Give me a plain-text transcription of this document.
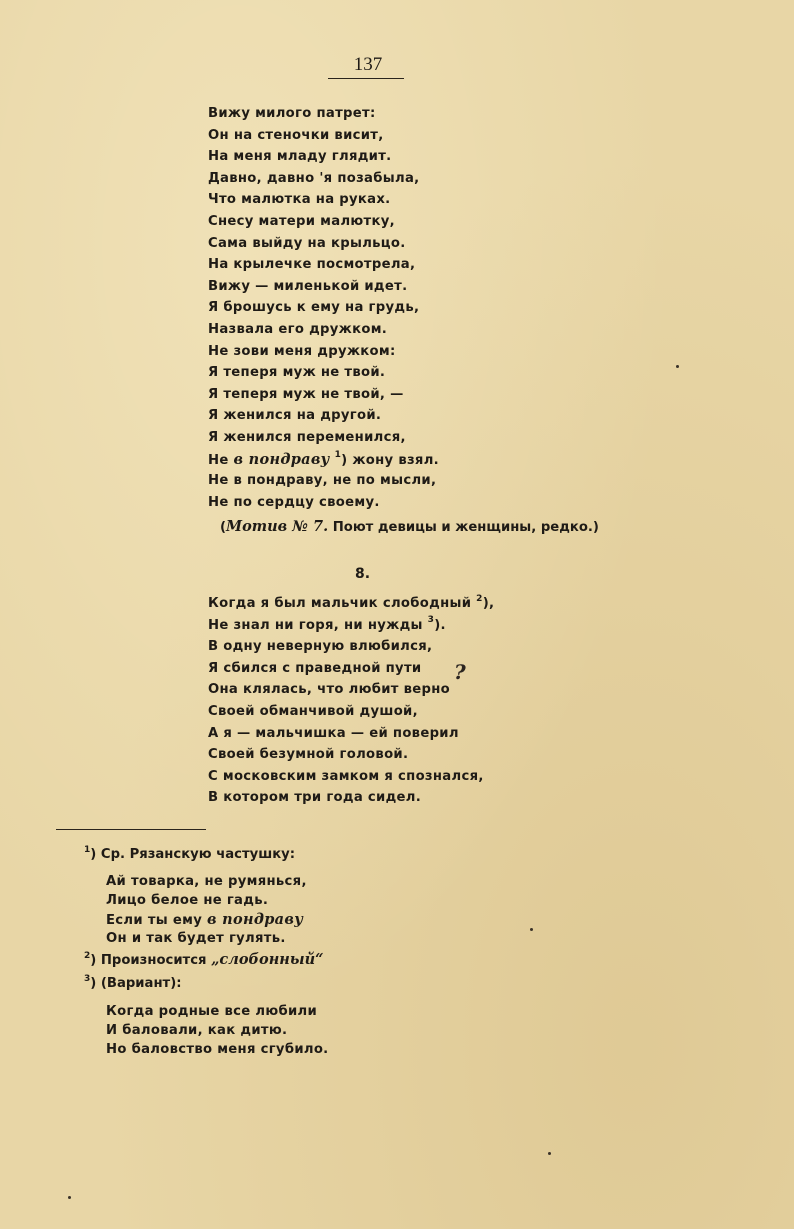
137
Вижу милого патрет:
Он на стеночки висит,
На меня младу глядит.
Давно, давно 'я позабыла,
Что малютка на руках.
Снесу матери малютку,
Сама выйду на крыльцо.
На крылечке посмотрела,
Вижу — миленькой идет.
Я брошусь к ему на грудь,
Назвала его дружком.
Не зови меня дружком:
Я теперя муж не твой.
Я теперя муж не твой, —
Я женился на другой.
Я женился переменился,
Не в пондраву $^1$) жону взял.
Не в пондраву, не по мысли,
Не по сердцу своему.
(Мотив № 7. Поют девицы и женщины, редко.)
8.
Когда я был мальчик слободный $^2$),
Не знал ни горя, ни нужды $^3$).
В одну неверную влюбился,
Я сбился с праведной пути
Она клялась, что любит верно
Своей обманчивой душой,
А я — мальчишка — ей поверил
Своей безумной головой.
С московским замком я спознался,
В котором три года сидел.
?
$^1$) Ср. Рязанскую частушку:
Ай товарка, не румянься,
Лицо белое не гадь.
Если ты ему в пондраву
Он и так будет гулять.
$^2$) Произносится „слобонный“
$^3$) (Вариант):
Когда родные все любили
И баловали, как дитю.
Но баловство меня сгубило.
